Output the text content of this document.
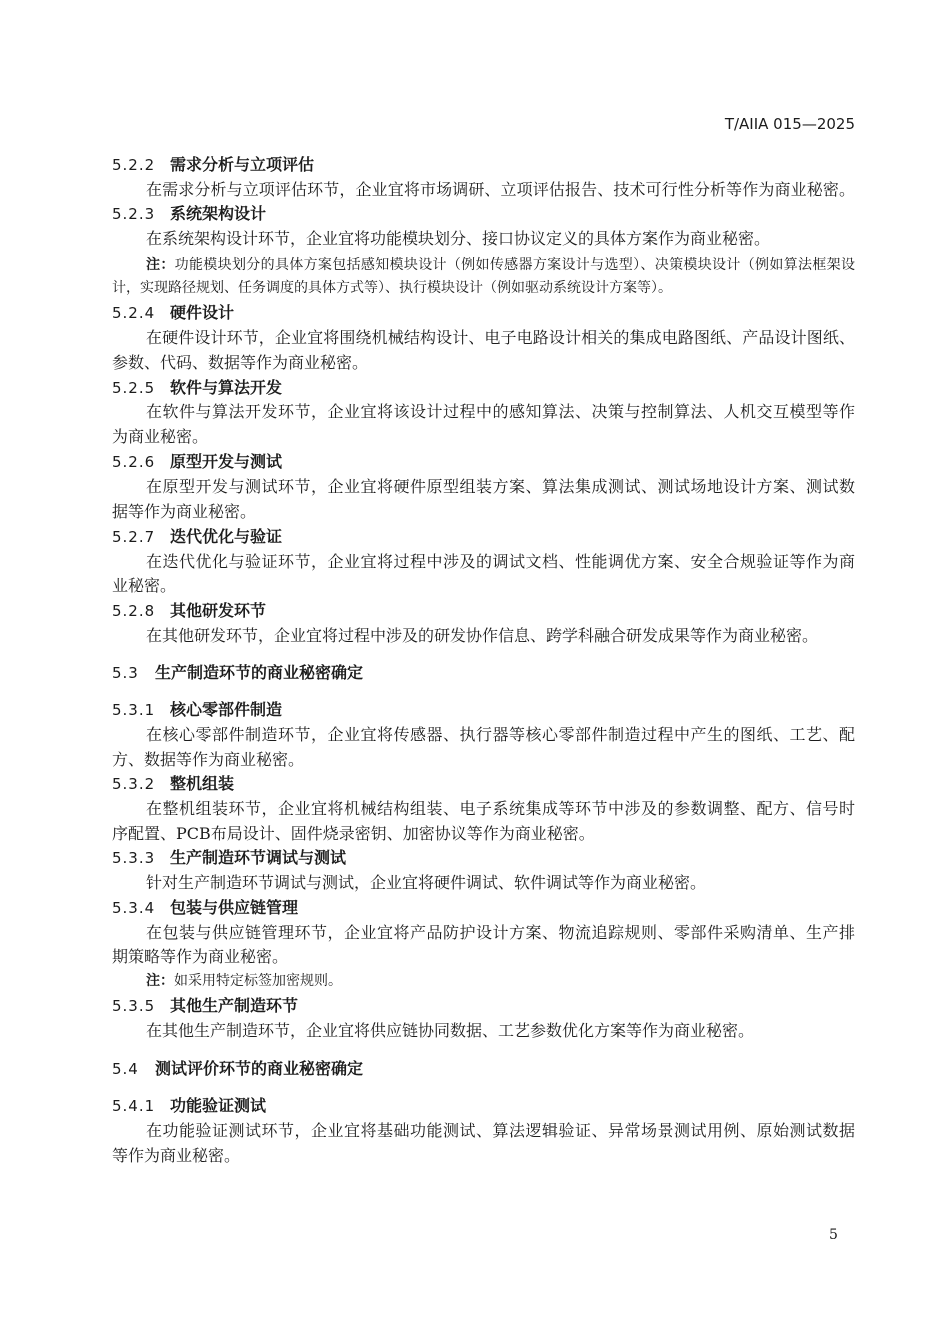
T/AIIA 015—2025
5.2.2 需求分析与立项评估
在需求分析与立项评估环节，企业宜将市场调研、立项评估报告、技术可行性分析等作为商业秘密。
5.2.3 系统架构设计
在系统架构设计环节，企业宜将功能模块划分、接口协议定义的具体方案作为商业秘密。
注：功能模块划分的具体方案包括感知模块设计（例如传感器方案设计与选型）、决策模块设计（例如算法框架设
计，实现路径规划、任务调度的具体方式等）、执行模块设计（例如驱动系统设计方案等）。
5.2.4 硬件设计
在硬件设计环节，企业宜将围绕机械结构设计、电子电路设计相关的集成电路图纸、产品设计图纸、
参数、代码、数据等作为商业秘密。
5.2.5 软件与算法开发
在软件与算法开发环节，企业宜将该设计过程中的感知算法、决策与控制算法、人机交互模型等作
为商业秘密。
5.2.6 原型开发与测试
在原型开发与测试环节，企业宜将硬件原型组装方案、算法集成测试、测试场地设计方案、测试数
据等作为商业秘密。
5.2.7 迭代优化与验证
在迭代优化与验证环节，企业宜将过程中涉及的调试文档、性能调优方案、安全合规验证等作为商
业秘密。
5.2.8 其他研发环节
在其他研发环节，企业宜将过程中涉及的研发协作信息、跨学科融合研发成果等作为商业秘密。
5.3 生产制造环节的商业秘密确定
5.3.1 核心零部件制造
在核心零部件制造环节，企业宜将传感器、执行器等核心零部件制造过程中产生的图纸、工艺、配
方、数据等作为商业秘密。
5.3.2 整机组装
在整机组装环节，企业宜将机械结构组装、电子系统集成等环节中涉及的参数调整、配方、信号时
序配置、PCB布局设计、固件烧录密钥、加密协议等作为商业秘密。
5.3.3 生产制造环节调试与测试
针对生产制造环节调试与测试，企业宜将硬件调试、软件调试等作为商业秘密。
5.3.4 包装与供应链管理
在包装与供应链管理环节，企业宜将产品防护设计方案、物流追踪规则、零部件采购清单、生产排
期策略等作为商业秘密。
注：如采用特定标签加密规则。
5.3.5 其他生产制造环节
在其他生产制造环节，企业宜将供应链协同数据、工艺参数优化方案等作为商业秘密。
5.4 测试评价环节的商业秘密确定
5.4.1 功能验证测试
在功能验证测试环节，企业宜将基础功能测试、算法逻辑验证、异常场景测试用例、原始测试数据
等作为商业秘密。
5
